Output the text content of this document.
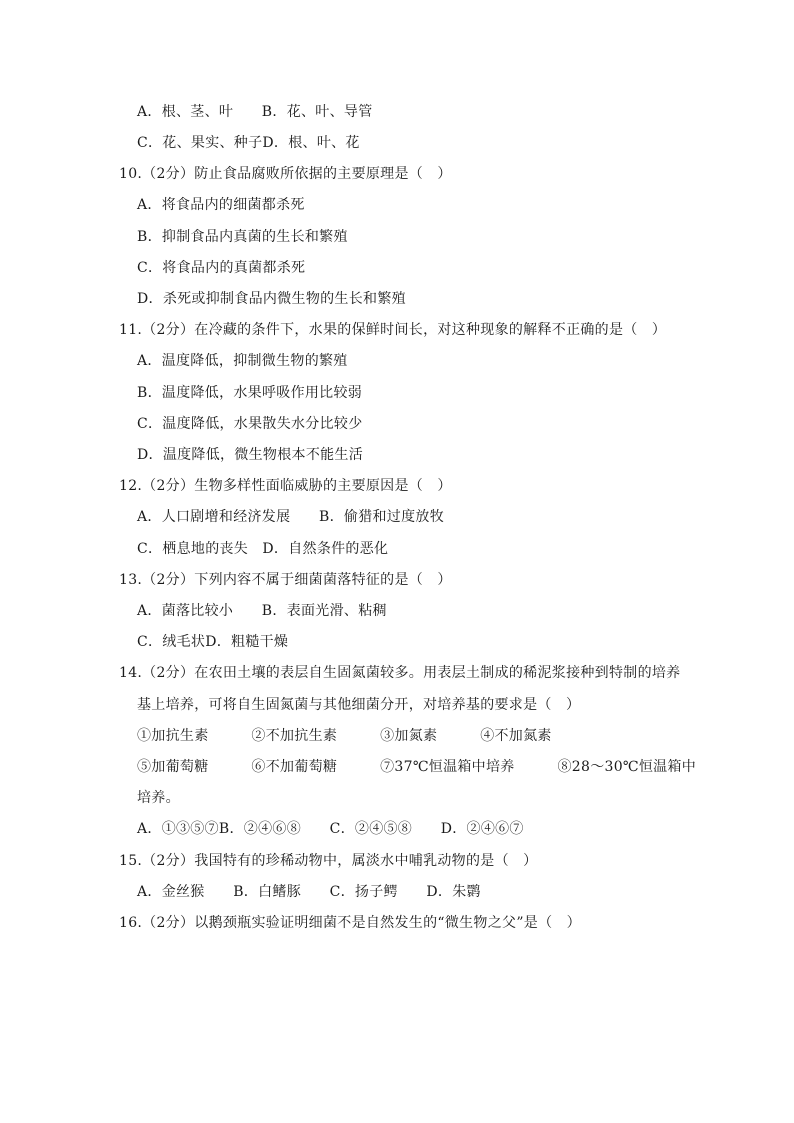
A．根、茎、叶　　B．花、叶、导管
C．花、果实、种子D．根、叶、花
10.（2分）防止食品腐败所依据的主要原理是（　）
A．将食品内的细菌都杀死
B．抑制食品内真菌的生长和繁殖
C．将食品内的真菌都杀死
D．杀死或抑制食品内微生物的生长和繁殖
11.（2分）在冷藏的条件下，水果的保鲜时间长，对这种现象的解释不正确的是（　）
A．温度降低，抑制微生物的繁殖
B．温度降低，水果呼吸作用比较弱
C．温度降低，水果散失水分比较少
D．温度降低，微生物根本不能生活
12.（2分）生物多样性面临威胁的主要原因是（　）
A．人口剧增和经济发展　　B．偷猎和过度放牧
C．栖息地的丧失　D．自然条件的恶化
13.（2分）下列内容不属于细菌菌落特征的是（　）
A．菌落比较小　　B．表面光滑、粘稠
C．绒毛状D．粗糙干燥
14.（2分）在农田土壤的表层自生固氮菌较多。用表层土制成的稀泥浆接种到特制的培养
基上培养，可将自生固氮菌与其他细菌分开，对培养基的要求是（　）
①加抗生素　　　②不加抗生素　　　③加氮素　　　④不加氮素
⑤加葡萄糖　　　⑥不加葡萄糖　　　⑦37℃恒温箱中培养　　　⑧28～30℃恒温箱中
培养。
A．①③⑤⑦B．②④⑥⑧　　C．②④⑤⑧　　D．②④⑥⑦
15.（2分）我国特有的珍稀动物中，属淡水中哺乳动物的是（　）
A．金丝猴　　B．白鳍豚　　C．扬子鳄　　D．朱鹮
16.（2分）以鹅颈瓶实验证明细菌不是自然发生的“微生物之父”是（　）
